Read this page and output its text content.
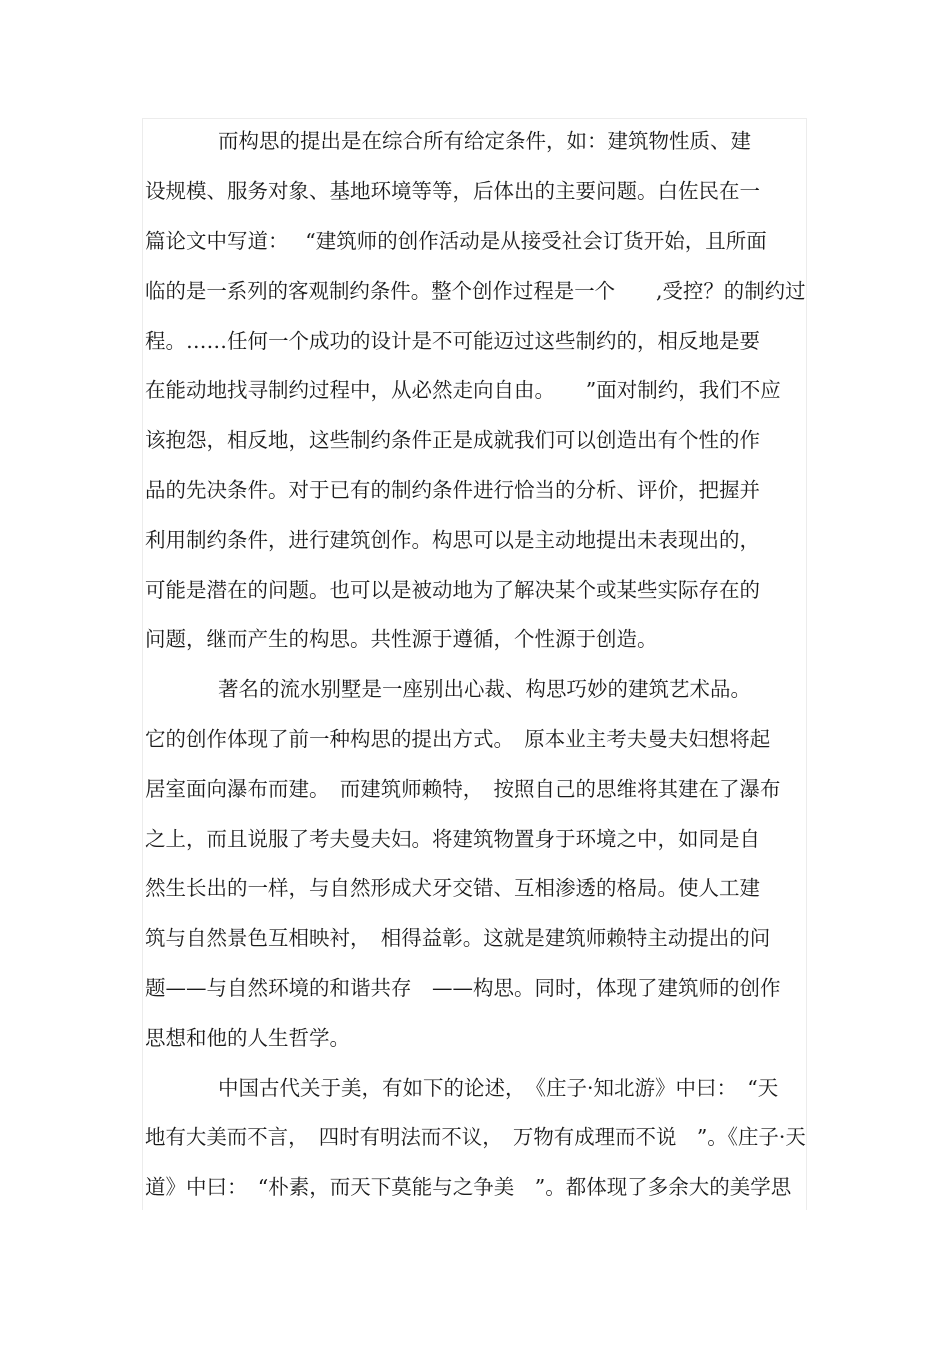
而构思的提出是在综合所有给定条件，如：建筑物性质、建
设规模、服务对象、基地环境等等，后体出的主要问题。白佐民在一
篇论文中写道：　 “建筑师的创作活动是从接受社会订货开始，且所面
临的是一系列的客观制约条件。整个创作过程是一个　　,受控？的制约过
程。……任何一个成功的设计是不可能迈过这些制约的，相反地是要
在能动地找寻制约过程中，从必然走向自由。　　”面对制约，我们不应
该抱怨，相反地，这些制约条件正是成就我们可以创造出有个性的作
品的先决条件。对于已有的制约条件进行恰当的分析、评价，把握并
利用制约条件，进行建筑创作。构思可以是主动地提出未表现出的，
可能是潜在的问题。也可以是被动地为了解决某个或某些实际存在的
问题，继而产生的构思。共性源于遵循，个性源于创造。
著名的流水别墅是一座别出心裁、构思巧妙的建筑艺术品。
它的创作体现了前一种构思的提出方式。　原本业主考夫曼夫妇想将起
居室面向瀑布而建。　而建筑师赖特，　按照自己的思维将其建在了瀑布
之上，而且说服了考夫曼夫妇。将建筑物置身于环境之中，如同是自
然生长出的一样，与自然形成犬牙交错、互相渗透的格局。使人工建
筑与自然景色互相映衬，　相得益彰。这就是建筑师赖特主动提出的问
题——与自然环境的和谐共存　——构思。同时，体现了建筑师的创作
思想和他的人生哲学。
中国古代关于美，有如下的论述，　《庄子·知北游》中曰：　“天
地有大美而不言，　四时有明法而不议，　万物有成理而不说　”。《庄子·天
道》中曰：　“朴素，而天下莫能与之争美　”。都体现了多余大的美学思
